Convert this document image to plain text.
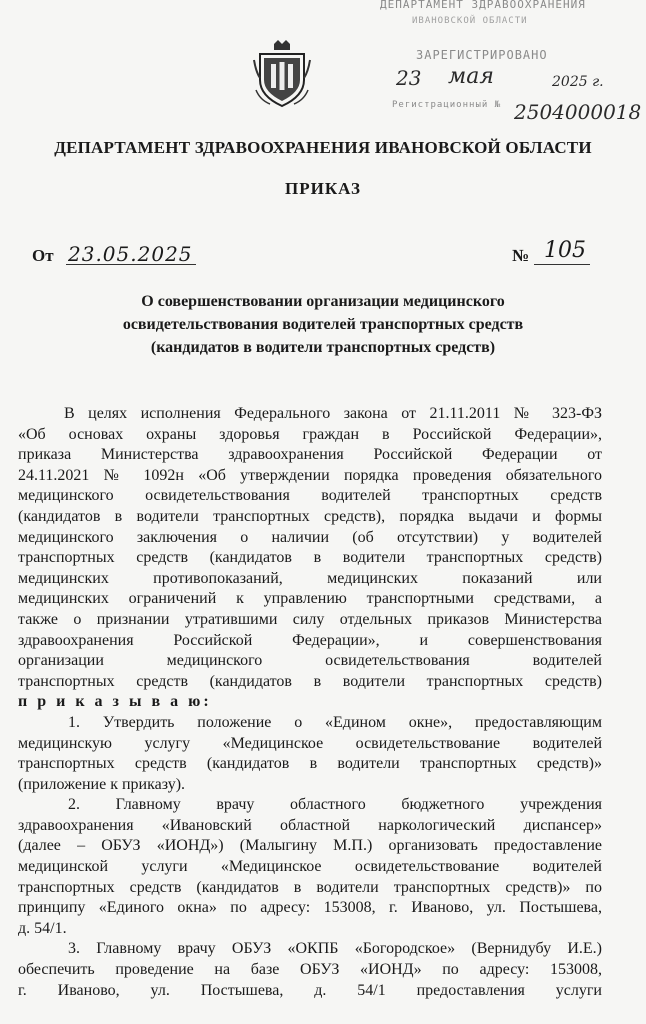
ДЕПАРТАМЕНТ ЗДРАВООХРАНЕНИЯ
ИВАНОВСКОЙ ОБЛАСТИ
ЗАРЕГИСТРИРОВАНО
Регистрационный №
23 мая	2025 г.
2504000018
ДЕПАРТАМЕНТ ЗДРАВООХРАНЕНИЯ ИВАНОВСКОЙ ОБЛАСТИ
ПРИКАЗ
От 23.05.2025	№ 105
О совершенствовании организации медицинского
освидетельствования водителей транспортных средств
(кандидатов в водители транспортных средств)
В целях исполнения Федерального закона от 21.11.2011 № 323-ФЗ
«Об основах охраны здоровья граждан в Российской Федерации»,
приказа Министерства здравоохранения Российской Федерации от
24.11.2021 № 1092н «Об утверждении порядка проведения обязательного
медицинского освидетельствования водителей транспортных средств
(кандидатов в водители транспортных средств), порядка выдачи и формы
медицинского заключения о наличии (об отсутствии) у водителей
транспортных средств (кандидатов в водители транспортных средств)
медицинских противопоказаний, медицинских показаний или
медицинских ограничений к управлению транспортными средствами, а
также о признании утратившими силу отдельных приказов Министерства
здравоохранения Российской Федерации», и совершенствования
организации медицинского освидетельствования водителей
транспортных средств (кандидатов в водители транспортных средств)
п р и к а з ы в а ю:
1. Утвердить положение о «Едином окне», предоставляющим
медицинскую услугу «Медицинское освидетельствование водителей
транспортных средств (кандидатов в водители транспортных средств)»
(приложение к приказу).
2. Главному врачу областного бюджетного учреждения
здравоохранения «Ивановский областной наркологический диспансер»
(далее – ОБУЗ «ИОНД») (Малыгину М.П.) организовать предоставление
медицинской услуги «Медицинское освидетельствование водителей
транспортных средств (кандидатов в водители транспортных средств)» по
принципу «Единого окна» по адресу: 153008, г. Иваново, ул. Постышева,
д. 54/1.
3. Главному врачу ОБУЗ «ОКПБ «Богородское» (Вернидубу И.Е.)
обеспечить проведение на базе ОБУЗ «ИОНД» по адресу: 153008,
г. Иваново, ул. Постышева, д. 54/1 предоставления услуги
